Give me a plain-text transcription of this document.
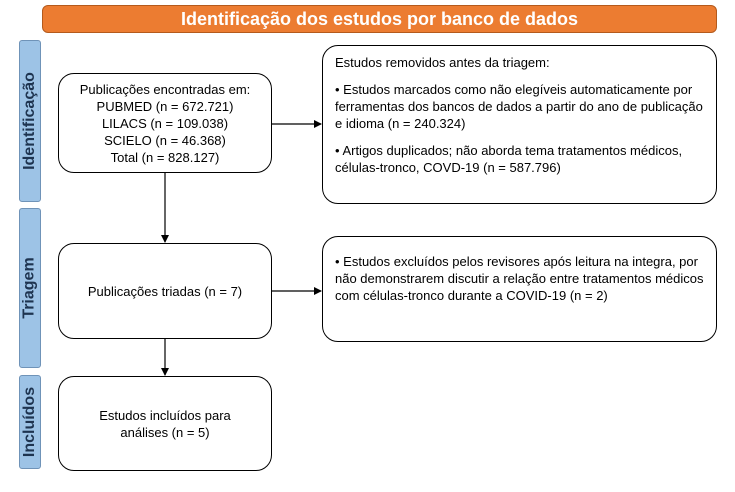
Identificação dos estudos por banco de dados
Identificação
Triagem
Incluídos

Publicações encontradas em:

PUBMED (n = 672.721)

LILACS (n = 109.038)

SCIELO (n = 46.368)

Total (n = 828.127)

Estudos removidos antes da triagem:

• Estudos marcados como não elegíveis automaticamente por ferramentas dos bancos de dados a partir do ano de publicação e idioma (n = 240.324)

• Artigos duplicados; não aborda tema tratamentos médicos, células-tronco, COVD-19 (n = 587.796)

Publicações triadas (n = 7)

• Estudos excluídos pelos revisores após leitura na integra, por não demonstrarem discutir a relação entre tratamentos médicos com células-tronco durante a COVID-19 (n = 2)

Estudos incluídos para

análises (n = 5)
